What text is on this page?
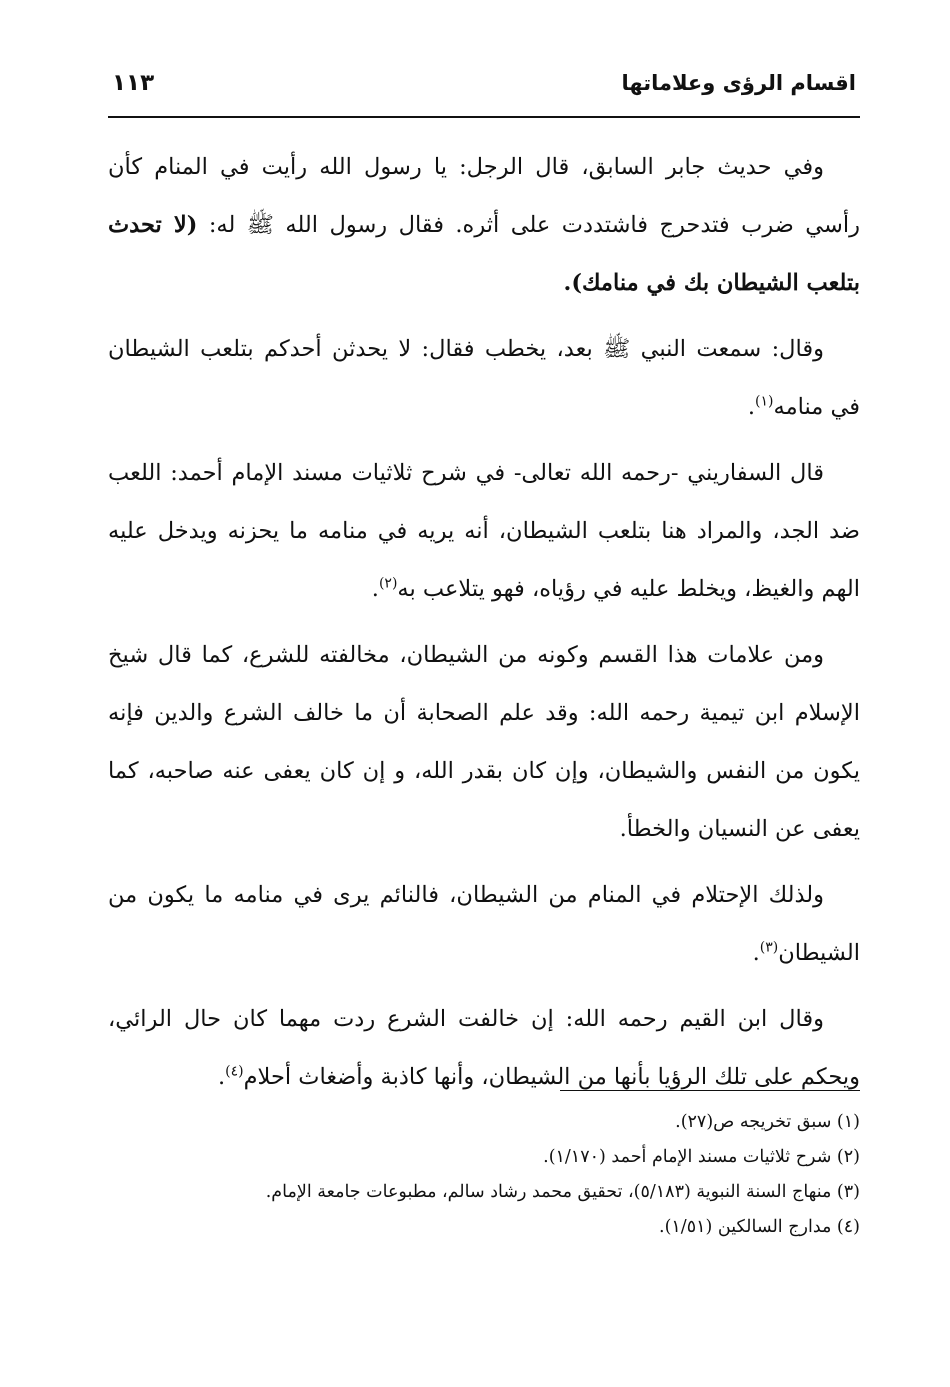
اقسام الرؤى وعلاماتها
١١٣

وفي حديث جابر السابق، قال الرجل: يا رسول الله رأيت في المنام كأن رأسي ضرب فتدحرج فاشتددت على أثره. فقال رسول الله ﷺ له: (لا تحدث بتلعب الشيطان بك في منامك).

وقال: سمعت النبي ﷺ بعد، يخطب فقال: لا يحدثن أحدكم بتلعب الشيطان في منامه$^{(١)}$.

قال السفاريني -رحمه الله تعالى- في شرح ثلاثيات مسند الإمام أحمد: اللعب ضد الجد، والمراد هنا بتلعب الشيطان، أنه يريه في منامه ما يحزنه ويدخل عليه الهم والغيظ، ويخلط عليه في رؤياه، فهو يتلاعب به$^{(٢)}$.

ومن علامات هذا القسم وكونه من الشيطان، مخالفته للشرع، كما قال شيخ الإسلام ابن تيمية رحمه الله: وقد علم الصحابة أن ما خالف الشرع والدين فإنه يكون من النفس والشيطان، وإن كان بقدر الله، و إن كان يعفى عنه صاحبه، كما يعفى عن النسيان والخطأ.

ولذلك الإحتلام في المنام من الشيطان، فالنائم يرى في منامه ما يكون من الشيطان$^{(٣)}$.

وقال ابن القيم رحمه الله: إن خالفت الشرع ردت مهما كان حال الرائي، ويحكم على تلك الرؤيا بأنها من الشيطان، وأنها كاذبة وأضغاث أحلام$^{(٤)}$.

(١) سبق تخريجه ص(٢٧).

(٢) شرح ثلاثيات مسند الإمام أحمد (١/١٧٠).

(٣) منهاج السنة النبوية (٥/١٨٣)، تحقيق محمد رشاد سالم، مطبوعات جامعة الإمام.

(٤) مدارج السالكين (١/٥١).
